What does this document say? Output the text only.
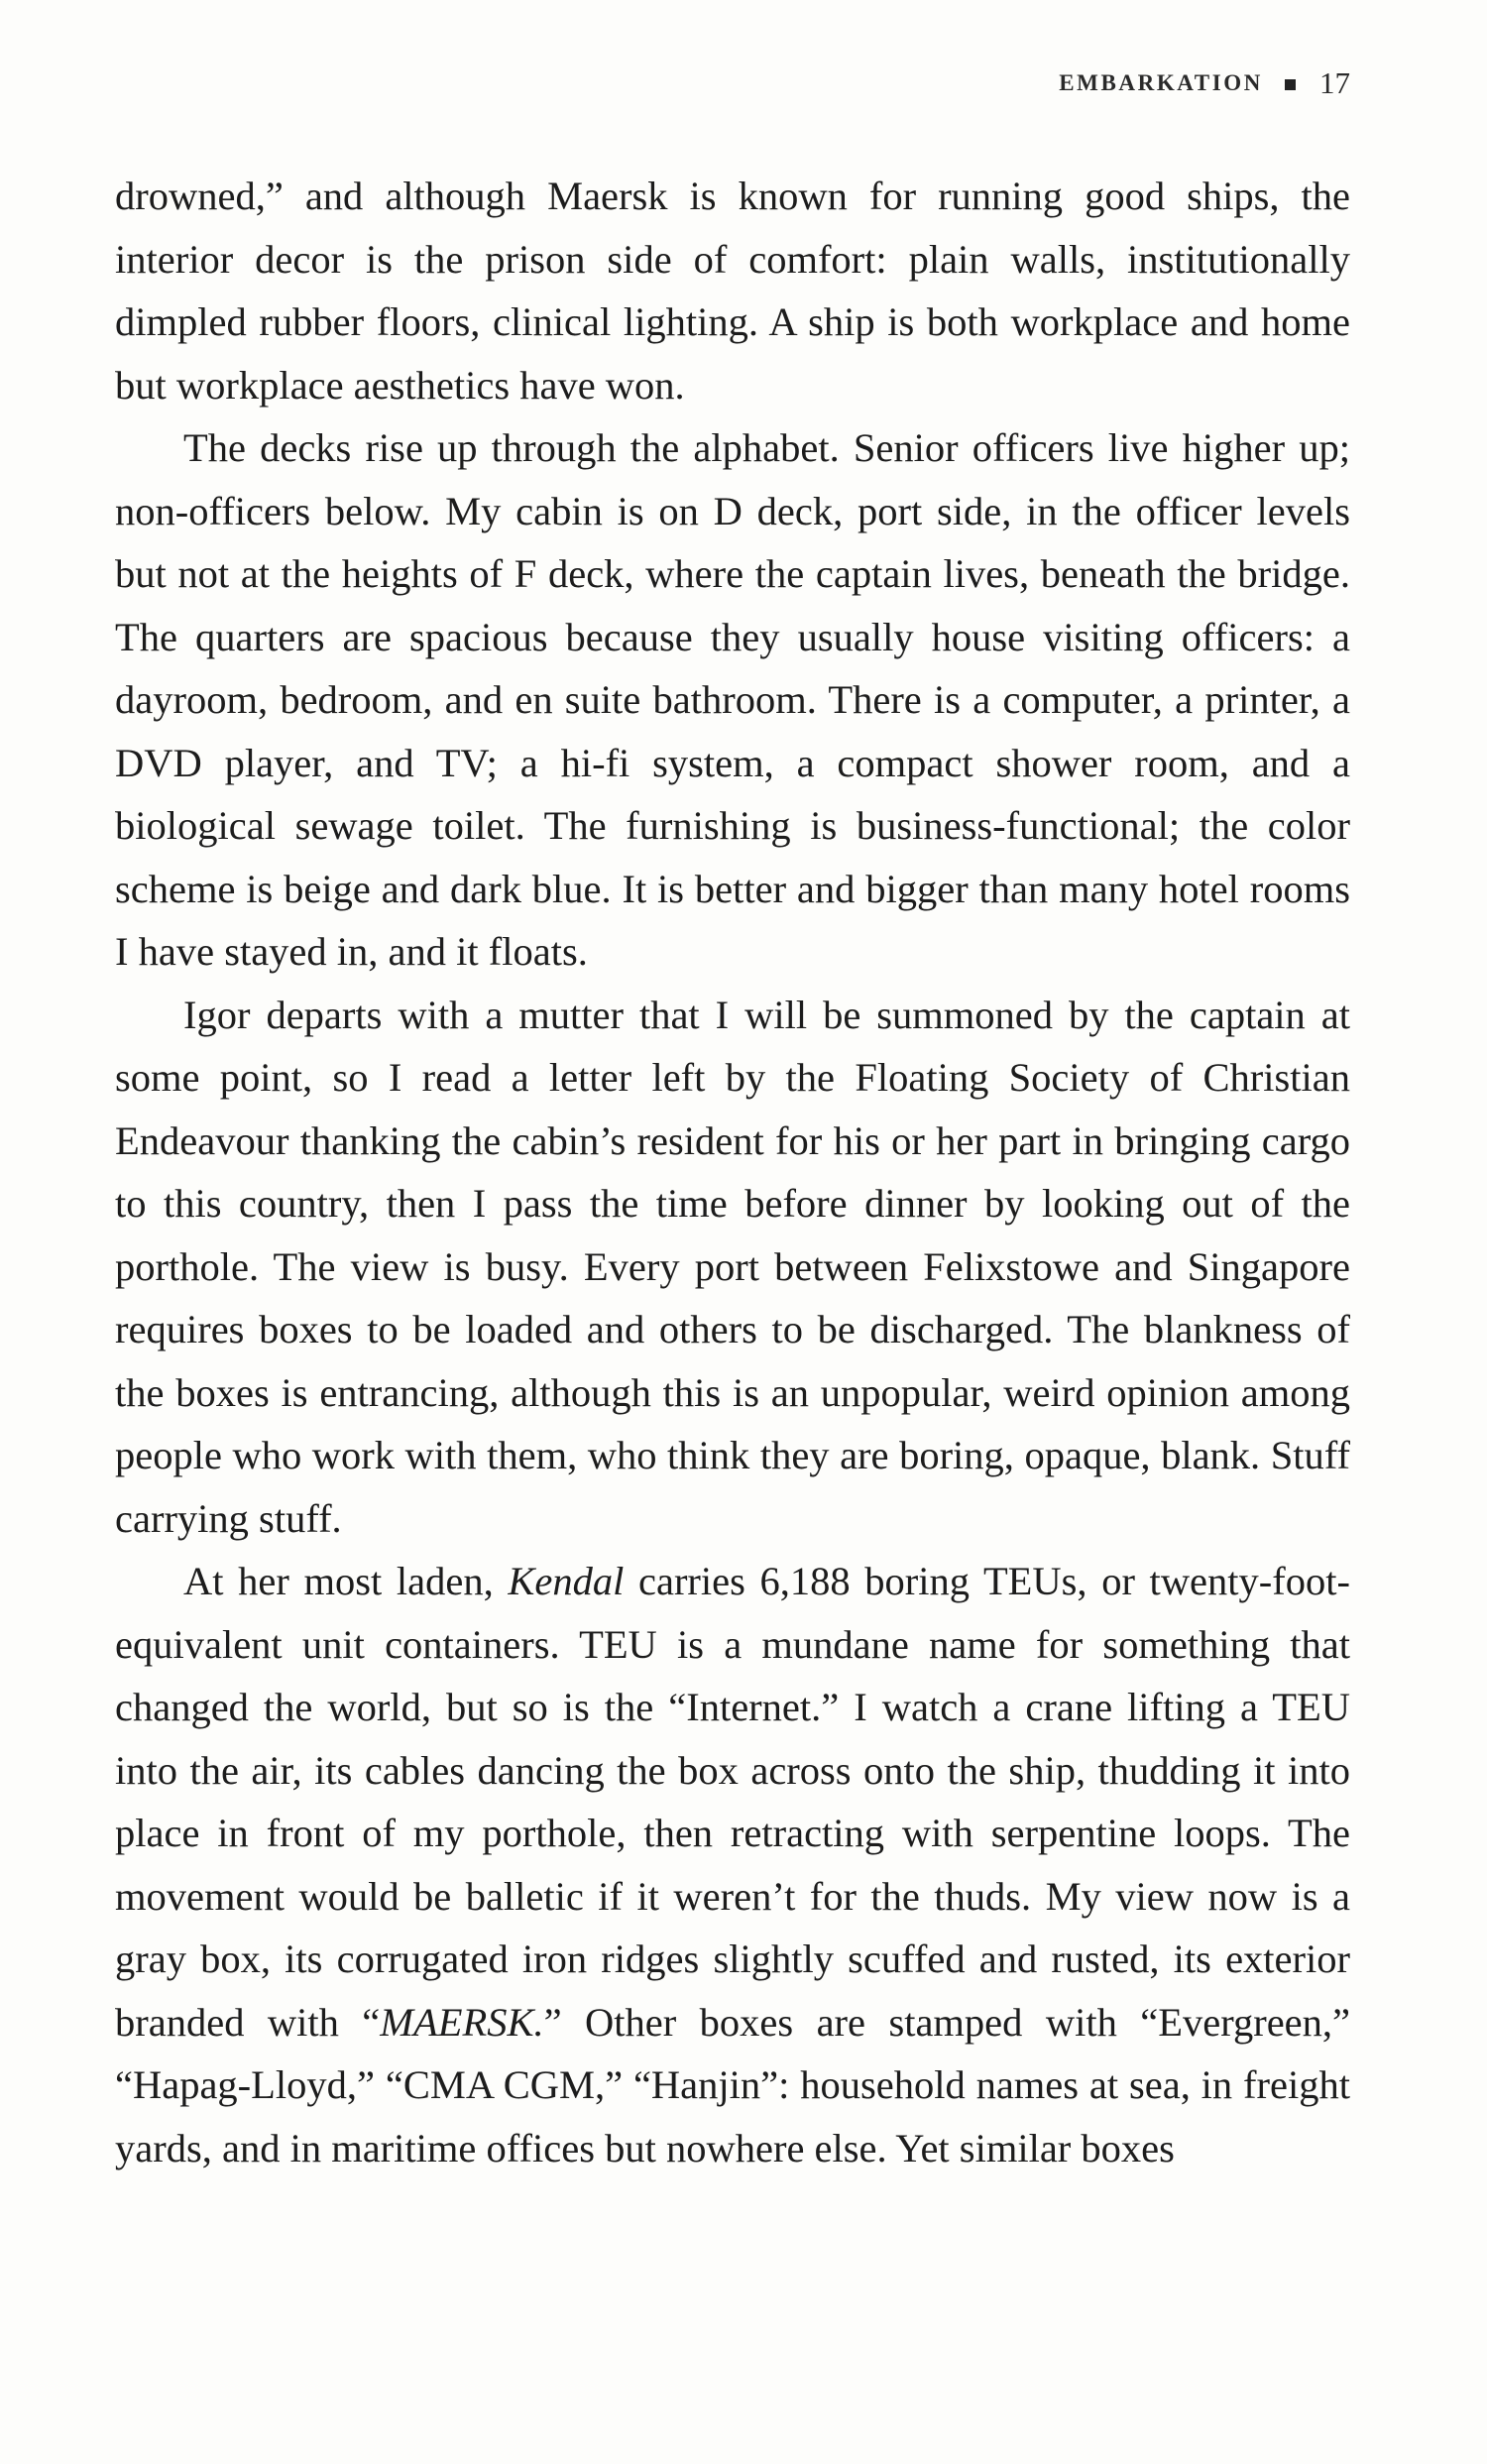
EMBARKATION 17

drowned,” and although Maersk is known for running good ships, the interior decor is the prison side of comfort: plain walls, institutionally dimpled rubber floors, clinical lighting. A ship is both workplace and home but workplace aesthetics have won.

The decks rise up through the alphabet. Senior officers live higher up; non-officers below. My cabin is on D deck, port side, in the officer levels but not at the heights of F deck, where the captain lives, beneath the bridge. The quarters are spacious because they usually house visiting officers: a dayroom, bedroom, and en suite bathroom. There is a computer, a printer, a DVD player, and TV; a hi-fi system, a compact shower room, and a biological sewage toilet. The furnishing is business-functional; the color scheme is beige and dark blue. It is better and bigger than many hotel rooms I have stayed in, and it floats.

Igor departs with a mutter that I will be summoned by the captain at some point, so I read a letter left by the Floating Society of Christian Endeavour thanking the cabin’s resident for his or her part in bringing cargo to this country, then I pass the time before dinner by looking out of the porthole. The view is busy. Every port between Felixstowe and Singapore requires boxes to be loaded and others to be discharged. The blankness of the boxes is entrancing, although this is an unpopular, weird opinion among people who work with them, who think they are boring, opaque, blank. Stuff carrying stuff.

At her most laden, Kendal carries 6,188 boring TEUs, or twenty-foot-equivalent unit containers. TEU is a mundane name for something that changed the world, but so is the “Internet.” I watch a crane lifting a TEU into the air, its cables dancing the box across onto the ship, thudding it into place in front of my porthole, then retracting with serpentine loops. The movement would be balletic if it weren’t for the thuds. My view now is a gray box, its corrugated iron ridges slightly scuffed and rusted, its exterior branded with “MAERSK.” Other boxes are stamped with “Evergreen,” “Hapag-Lloyd,” “CMA CGM,” “Hanjin”: household names at sea, in freight yards, and in maritime offices but nowhere else. Yet similar boxes
